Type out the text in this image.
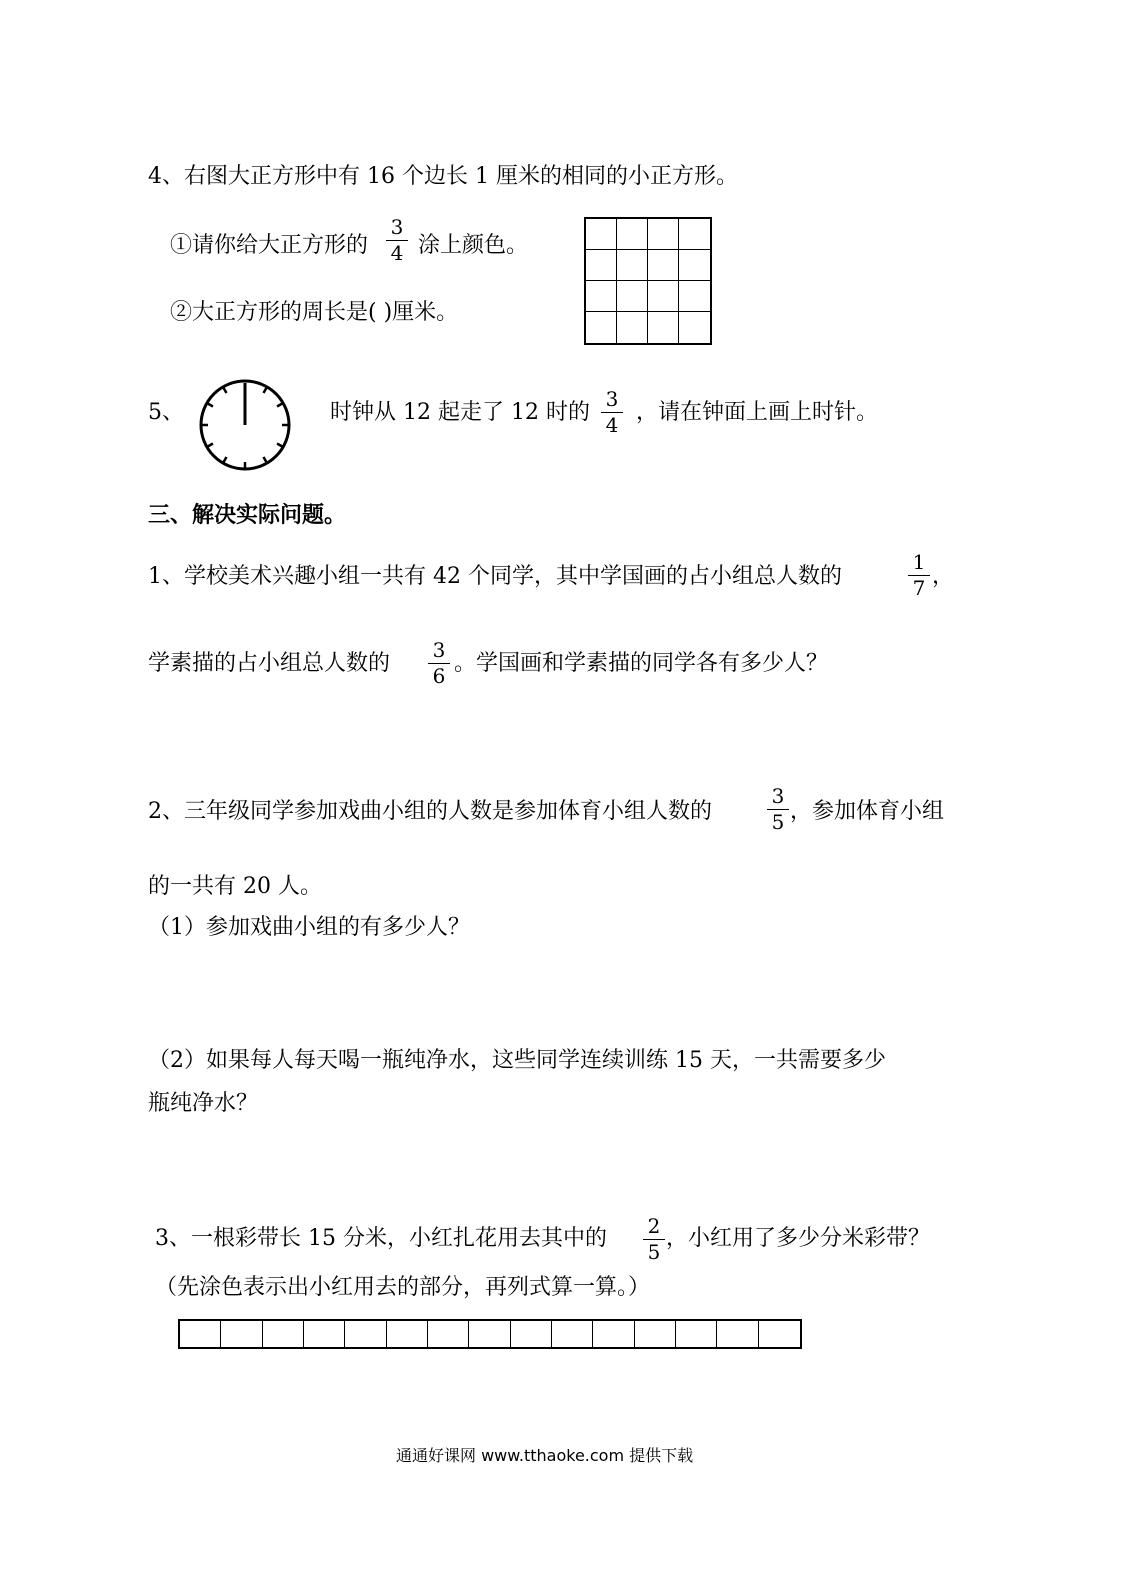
4、右图大正方形中有 16 个边长 1 厘米的相同的小正方形。
①请你给大正方形的
3
4 涂上颜色。
②大正方形的周长是( )厘米。
5、	时钟从 12 起走了 12 时的
3
4 ，请在钟面上画上时针。
三、解决实际问题。
1、学校美术兴趣小组一共有 42 个同学，其中学国画的占小组总人数的
1
7 ，
学素描的占小组总人数的
3
6 。学国画和学素描的同学各有多少人？
2、三年级同学参加戏曲小组的人数是参加体育小组人数的
3
5 ，参加体育小组
的一共有 20 人。
（1）参加戏曲小组的有多少人？
（2）如果每人每天喝一瓶纯净水，这些同学连续训练 15 天，一共需要多少
瓶纯净水？
3、一根彩带长 15 分米，小红扎花用去其中的 2
5
，小红用了多少分米彩带？
（先涂色表示出小红用去的部分，再列式算一算。）
通通好课网 www.tthaoke.com 提供下载
